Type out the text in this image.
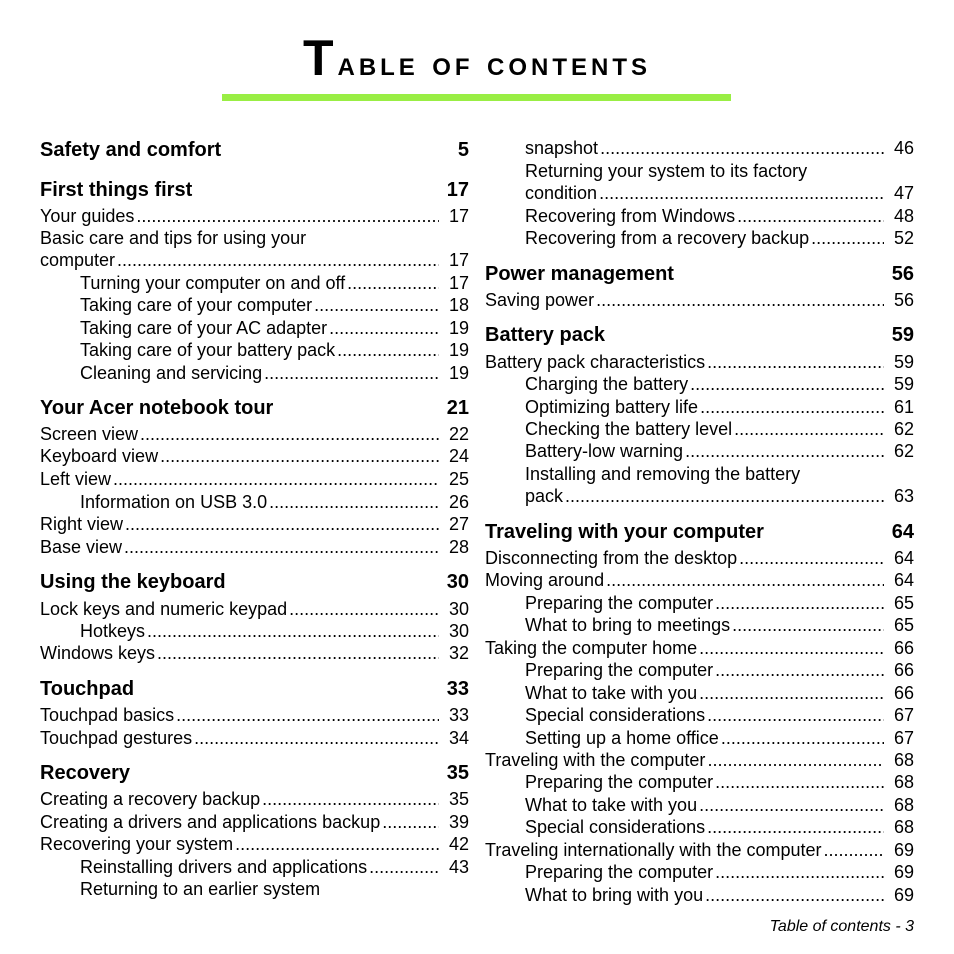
Table of contents
Safety and comfort	5
First things first	17
Your guides .....	17
Basic care and tips for using your
computer .....	17
Turning your computer on and off .....	17
Taking care of your computer .....	18
Taking care of your AC adapter .....	19
Taking care of your battery pack .....	19
Cleaning and servicing .....	19
Your Acer notebook tour	21
Screen view .....	22
Keyboard view .....	24
Left view .....	25
Information on USB 3.0 .....	26
Right view .....	27
Base view .....	28
Using the keyboard	30
Lock keys and numeric keypad .....	30
Hotkeys .....	30
Windows keys .....	32
Touchpad	33
Touchpad basics .....	33
Touchpad gestures .....	34
Recovery	35
Creating a recovery backup .....	35
Creating a drivers and applications backup .....	39
Recovering your system .....	42
Reinstalling drivers and applications .....	43
Returning to an earlier system
snapshot .....	46
Returning your system to its factory
condition .....	47
Recovering from Windows .....	48
Recovering from a recovery backup .....	52
Power management	56
Saving power .....	56
Battery pack	59
Battery pack characteristics .....	59
Charging the battery .....	59
Optimizing battery life .....	61
Checking the battery level .....	62
Battery-low warning .....	62
Installing and removing the battery
pack .....	63
Traveling with your computer	64
Disconnecting from the desktop .....	64
Moving around .....	64
Preparing the computer .....	65
What to bring to meetings .....	65
Taking the computer home .....	66
Preparing the computer .....	66
What to take with you .....	66
Special considerations .....	67
Setting up a home office .....	67
Traveling with the computer .....	68
Preparing the computer .....	68
What to take with you .....	68
Special considerations .....	68
Traveling internationally with the computer .....	69
Preparing the computer .....	69
What to bring with you .....	69
Table of contents - 3
